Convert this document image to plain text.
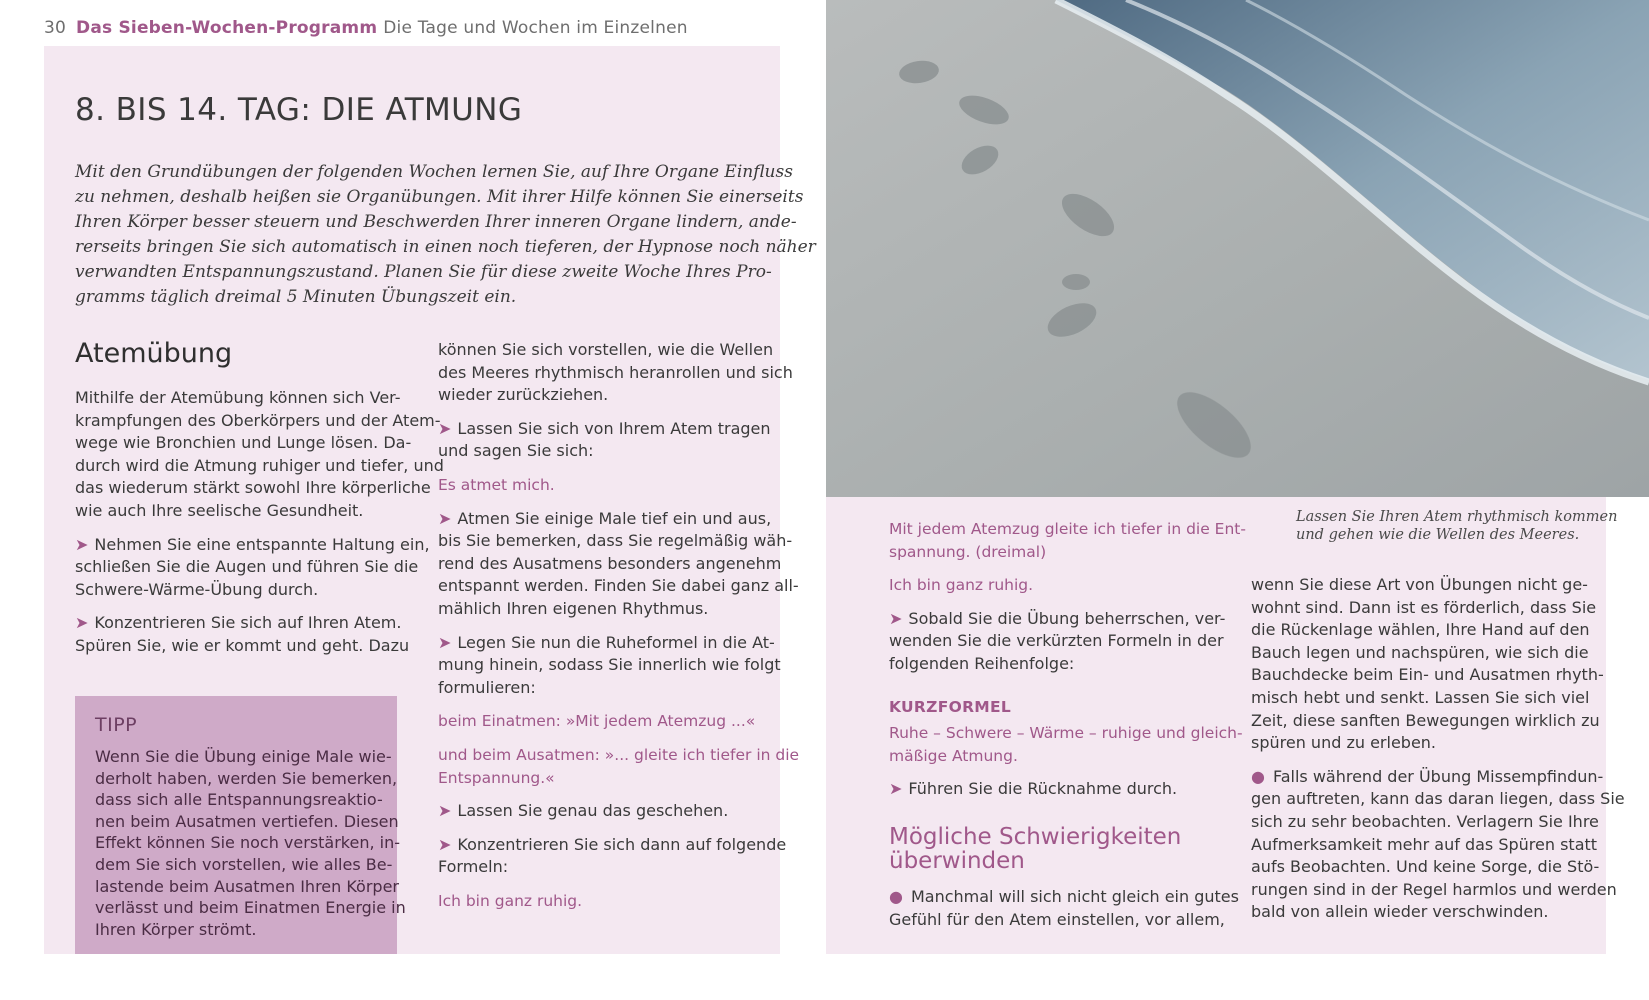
30 Das Sieben-Wochen-Programm Die Tage und Wochen im Einzelnen
8. BIS 14. TAG: DIE ATMUNG
Mit den Grundübungen der folgenden Wochen lernen Sie, auf Ihre Organe Einfluss
zu nehmen, deshalb heißen sie Organübungen. Mit ihrer Hilfe können Sie einerseits
Ihren Körper besser steuern und Beschwerden Ihrer inneren Organe lindern, ande-
rerseits bringen Sie sich automatisch in einen noch tieferen, der Hypnose noch näher
verwandten Entspannungszustand. Planen Sie für diese zweite Woche Ihres Pro-
gramms täglich dreimal 5 Minuten Übungszeit ein.
Atemübung

Mithilfe der Atemübung können sich Ver-
krampfungen des Oberkörpers und der Atem-
wege wie Bronchien und Lunge lösen. Da-
durch wird die Atmung ruhiger und tiefer, und
das wiederum stärkt sowohl Ihre körperliche
wie auch Ihre seelische Gesundheit.

➤ Nehmen Sie eine entspannte Haltung ein,
schließen Sie die Augen und führen Sie die
Schwere-Wärme-Übung durch.

➤ Konzentrieren Sie sich auf Ihren Atem.
Spüren Sie, wie er kommt und geht. Dazu

TIPP
Wenn Sie die Übung einige Male wie-
derholt haben, werden Sie bemerken,
dass sich alle Entspannungsreaktio-
nen beim Ausatmen vertiefen. Diesen
Effekt können Sie noch verstärken, in-
dem Sie sich vorstellen, wie alles Be-
lastende beim Ausatmen Ihren Körper
verlässt und beim Einatmen Energie in
Ihren Körper strömt.

können Sie sich vorstellen, wie die Wellen
des Meeres rhythmisch heranrollen und sich
wieder zurückziehen.

➤ Lassen Sie sich von Ihrem Atem tragen
und sagen Sie sich:

Es atmet mich.

➤ Atmen Sie einige Male tief ein und aus,
bis Sie bemerken, dass Sie regelmäßig wäh-
rend des Ausatmens besonders angenehm
entspannt werden. Finden Sie dabei ganz all-
mählich Ihren eigenen Rhythmus.

➤ Legen Sie nun die Ruheformel in die At-
mung hinein, sodass Sie innerlich wie folgt
formulieren:

beim Einatmen: »Mit jedem Atemzug ...«

und beim Ausatmen: »... gleite ich tiefer in die
Entspannung.«

➤ Lassen Sie genau das geschehen.

➤ Konzentrieren Sie sich dann auf folgende
Formeln:

Ich bin ganz ruhig.

Lassen Sie Ihren Atem rhythmisch kommen
und gehen wie die Wellen des Meeres.

Mit jedem Atemzug gleite ich tiefer in die Ent-
spannung. (dreimal)

Ich bin ganz ruhig.

➤ Sobald Sie die Übung beherrschen, ver-
wenden Sie die verkürzten Formeln in der
folgenden Reihenfolge:

KURZFORMEL

Ruhe – Schwere – Wärme – ruhige und gleich-
mäßige Atmung.

➤ Führen Sie die Rücknahme durch.

Mögliche Schwierigkeiten
überwinden

● Manchmal will sich nicht gleich ein gutes
Gefühl für den Atem einstellen, vor allem,

wenn Sie diese Art von Übungen nicht ge-
wohnt sind. Dann ist es förderlich, dass Sie
die Rückenlage wählen, Ihre Hand auf den
Bauch legen und nachspüren, wie sich die
Bauchdecke beim Ein- und Ausatmen rhyth-
misch hebt und senkt. Lassen Sie sich viel
Zeit, diese sanften Bewegungen wirklich zu
spüren und zu erleben.

● Falls während der Übung Missempfindun-
gen auftreten, kann das daran liegen, dass Sie
sich zu sehr beobachten. Verlagern Sie Ihre
Aufmerksamkeit mehr auf das Spüren statt
aufs Beobachten. Und keine Sorge, die Stö-
rungen sind in der Regel harmlos und werden
bald von allein wieder verschwinden.
